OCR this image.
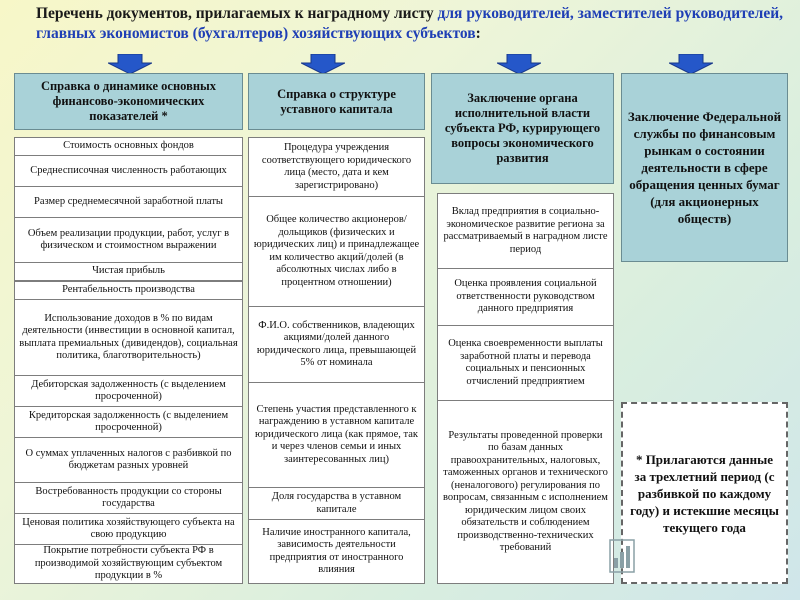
Перечень документов, прилагаемых к наградному листу для руководителей, заместителей руководителей, главных экономистов (бухгалтеров) хозяйствующих субъектов:
Справка о динамике основных финансово-экономических показателей *
Стоимость основных фондов
Среднесписочная численность работающих
Размер среднемесячной заработной платы
Объем реализации продукции, работ, услуг в физическом и стоимостном выражении
Чистая прибыль
Рентабельность производства
Использование доходов в % по видам деятельности (инвестиции в основной капитал, выплата премиальных (дивидендов), социальная политика, благотворительность)
Дебиторская задолженность (с выделением просроченной)
Кредиторская задолженность (с выделением просроченной)
О суммах уплаченных налогов с разбивкой по бюджетам разных уровней
Востребованность продукции со стороны государства
Ценовая политика хозяйствующего субъекта на свою продукцию
Покрытие потребности субъекта РФ в производимой хозяйствующим субъектом продукции в %
Справка о структуре уставного капитала
Процедура учреждения соответствующего юридического лица (место, дата и кем зарегистрировано)
Общее количество акционеров/дольщиков (физических и юридических лиц) и принадлежащее им количество акций/долей (в абсолютных числах либо в процентном отношении)
Ф.И.О. собственников, владеющих акциями/долей данного юридического лица, превышающей 5% от номинала
Степень участия представленного к награждению в уставном капитале юридического лица (как прямое, так и через членов семьи и иных заинтересованных лиц)
Доля государства в уставном капитале
Наличие иностранного капитала, зависимость деятельности предприятия от иностранного влияния
Заключение органа исполнительной власти субъекта РФ, курирующего вопросы экономического развития
Вклад предприятия в социально-экономическое развитие региона за рассматриваемый в наградном листе период
Оценка проявления социальной ответственности руководством данного предприятия
Оценка своевременности выплаты заработной платы и перевода социальных и пенсионных отчислений предприятием
Результаты проведенной проверки по базам данных правоохранительных, налоговых, таможенных органов и технического (неналогового) регулирования по вопросам, связанным с исполнением юридическим лицом своих обязательств и соблюдением производственно-технических требований
Заключение Федеральной службы по финансовым рынкам о состоянии деятельности в сфере обращения ценных бумаг (для акционерных обществ)
* Прилагаются данные за трехлетний период (с разбивкой по каждому году) и истекшие месяцы текущего года
